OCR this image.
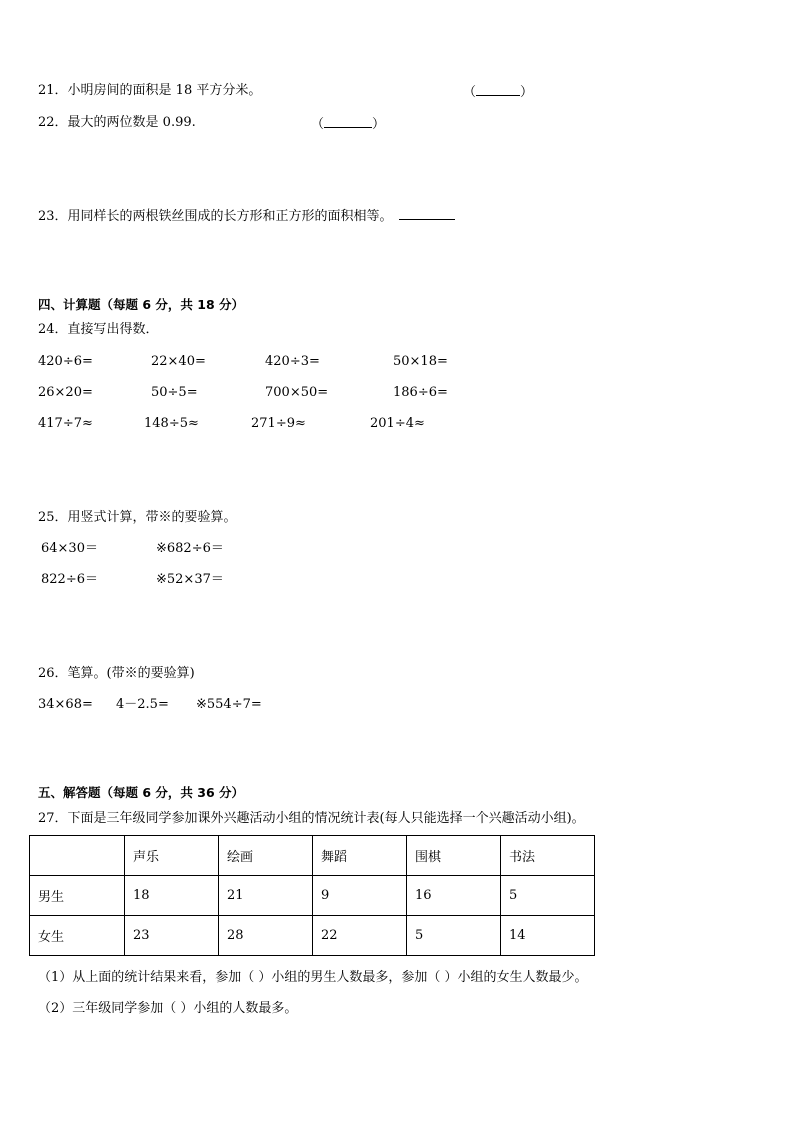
21．小明房间的面积是 18 平方分米。	（	）
22．最大的两位数是 0.99.	（	）
23．用同样长的两根铁丝围成的长方形和正方形的面积相等。
四、计算题（每题 6 分，共 18 分）
24．直接写出得数．
420÷6=	22×40=	420÷3=	50×18=
26×20=	50÷5=	700×50=	186÷6=
417÷7≈	148÷5≈	271÷9≈	201÷4≈
25．用竖式计算，带※的要验算。
64×30＝	※682÷6＝
822÷6＝	※52×37＝
26．笔算。(带※的要验算)
34×68= 4－2.5= ※554÷7=
五、解答题（每题 6 分，共 36 分）
27．下面是三年级同学参加课外兴趣活动小组的情况统计表(每人只能选择一个兴趣活动小组)。
	声乐	绘画	舞蹈	围棋	书法
男生	18	21	9	16	5
女生	23	28	22	5	14
（1）从上面的统计结果来看，参加（ ）小组的男生人数最多，参加（ ）小组的女生人数最少。
（2）三年级同学参加（ ）小组的人数最多。
